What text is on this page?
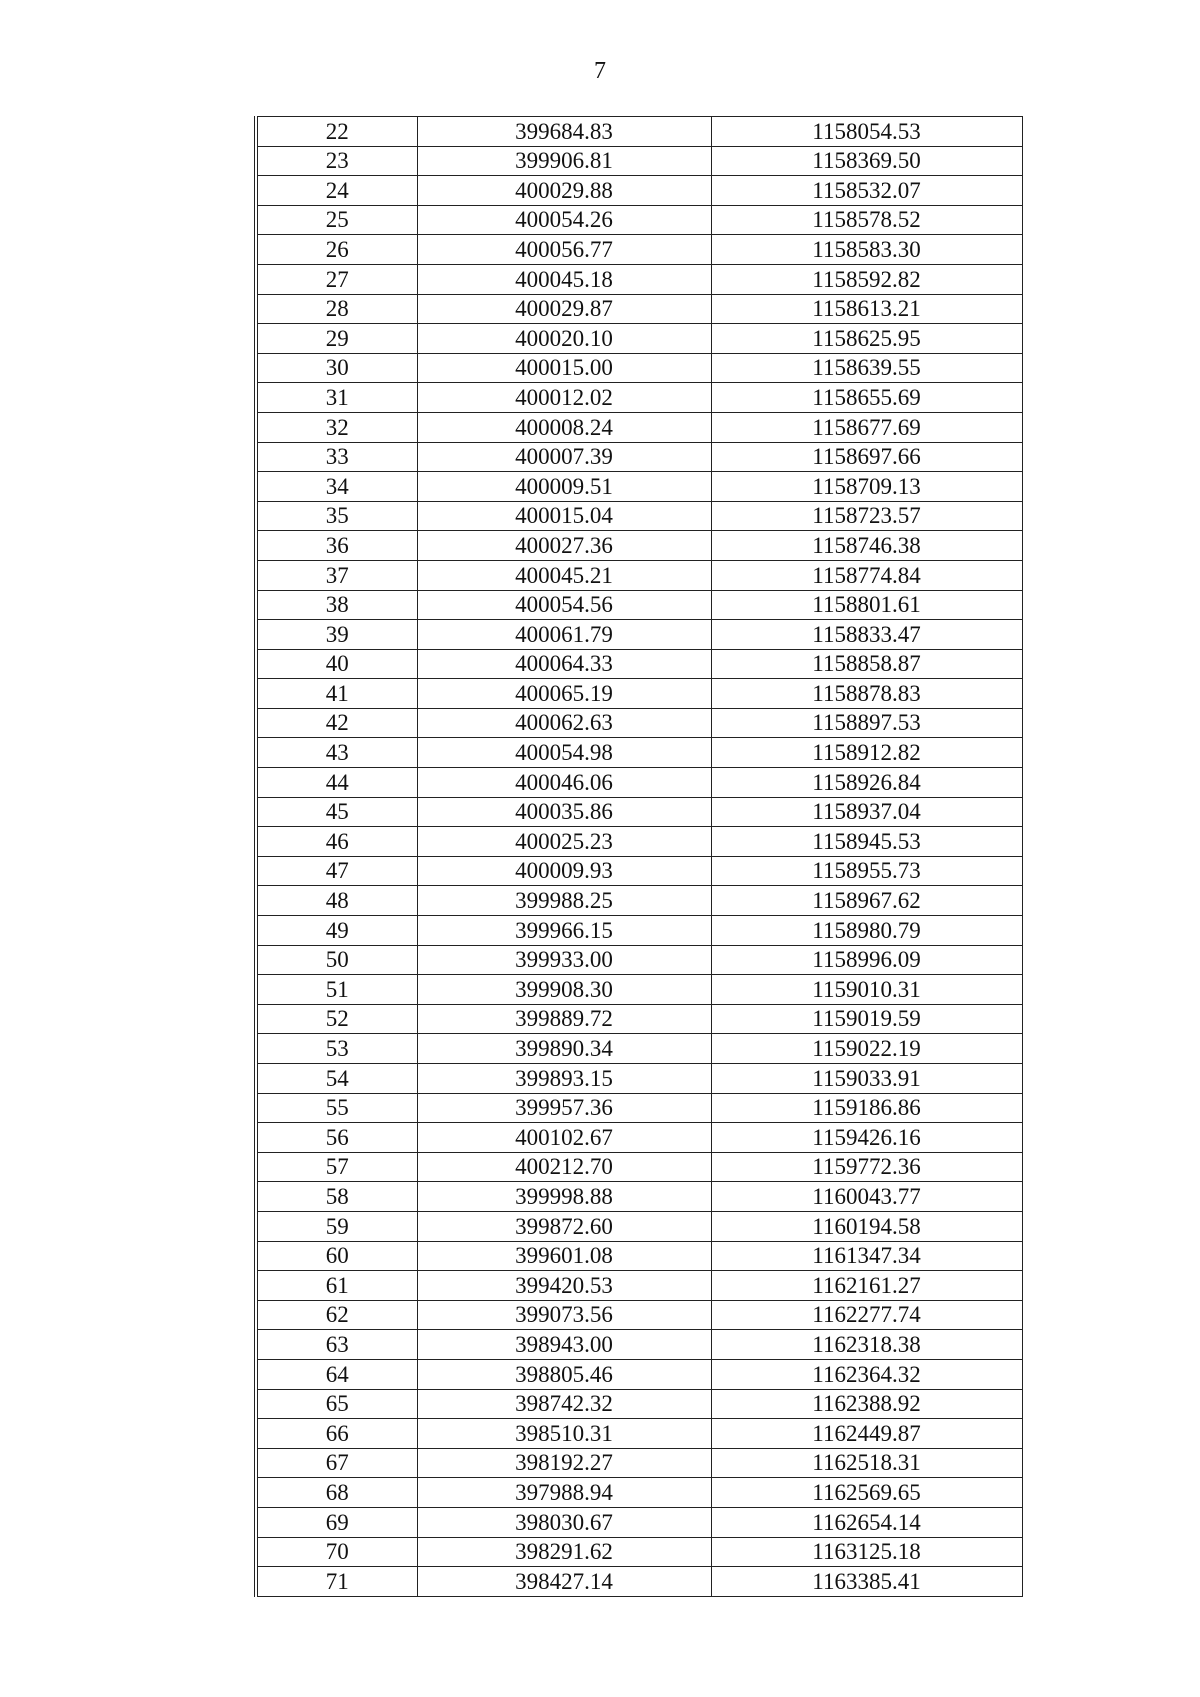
7
22	399684.83	1158054.53
23	399906.81	1158369.50
24	400029.88	1158532.07
25	400054.26	1158578.52
26	400056.77	1158583.30
27	400045.18	1158592.82
28	400029.87	1158613.21
29	400020.10	1158625.95
30	400015.00	1158639.55
31	400012.02	1158655.69
32	400008.24	1158677.69
33	400007.39	1158697.66
34	400009.51	1158709.13
35	400015.04	1158723.57
36	400027.36	1158746.38
37	400045.21	1158774.84
38	400054.56	1158801.61
39	400061.79	1158833.47
40	400064.33	1158858.87
41	400065.19	1158878.83
42	400062.63	1158897.53
43	400054.98	1158912.82
44	400046.06	1158926.84
45	400035.86	1158937.04
46	400025.23	1158945.53
47	400009.93	1158955.73
48	399988.25	1158967.62
49	399966.15	1158980.79
50	399933.00	1158996.09
51	399908.30	1159010.31
52	399889.72	1159019.59
53	399890.34	1159022.19
54	399893.15	1159033.91
55	399957.36	1159186.86
56	400102.67	1159426.16
57	400212.70	1159772.36
58	399998.88	1160043.77
59	399872.60	1160194.58
60	399601.08	1161347.34
61	399420.53	1162161.27
62	399073.56	1162277.74
63	398943.00	1162318.38
64	398805.46	1162364.32
65	398742.32	1162388.92
66	398510.31	1162449.87
67	398192.27	1162518.31
68	397988.94	1162569.65
69	398030.67	1162654.14
70	398291.62	1163125.18
71	398427.14	1163385.41
